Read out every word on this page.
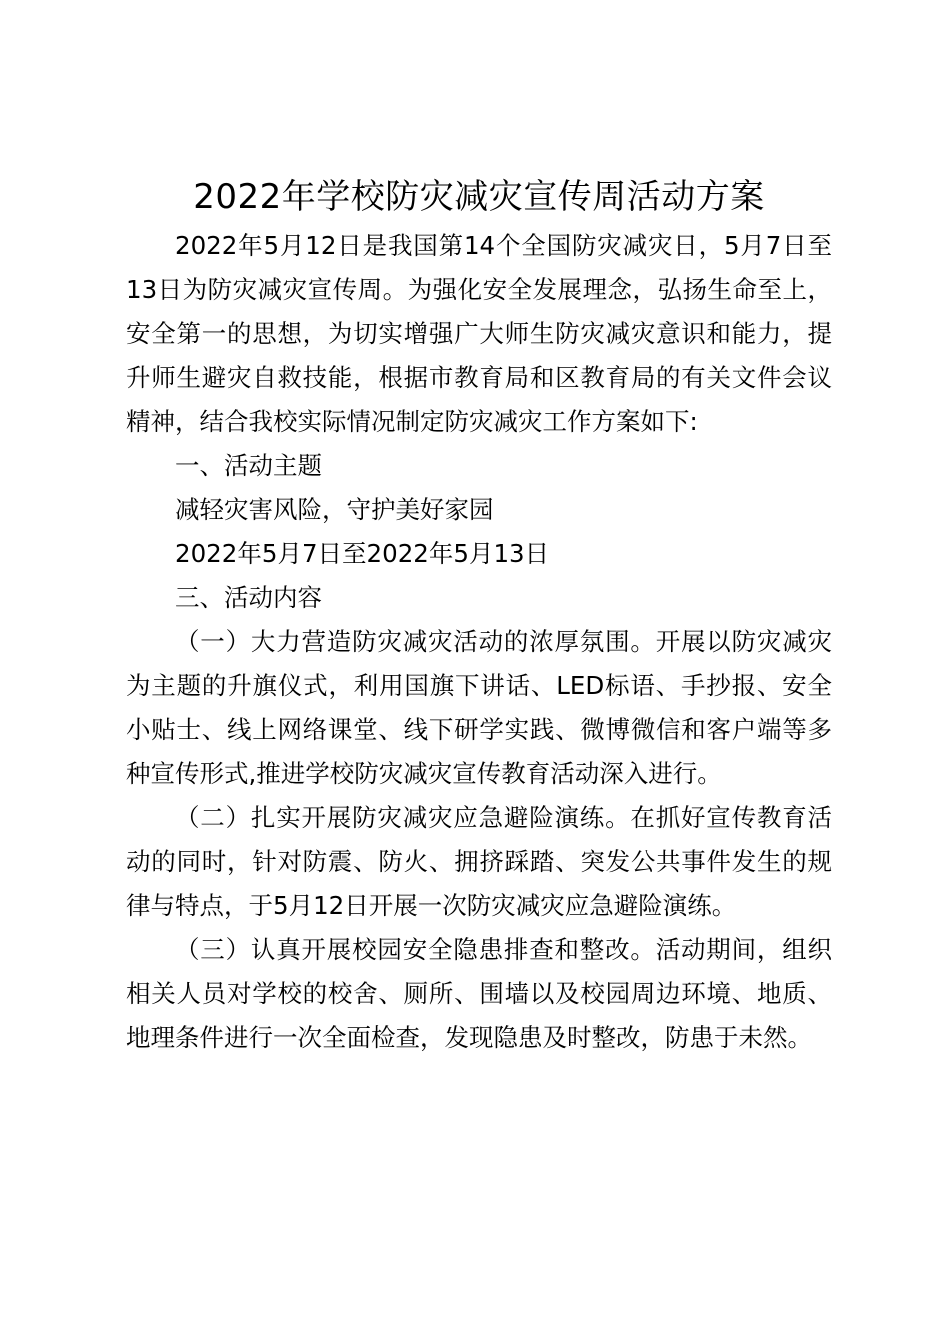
2022年学校防灾减灾宣传周活动方案

2022年5月12日是我国第14个全国防灾减灾日，5月7日至13日为防灾减灾宣传周。为强化安全发展理念，弘扬生命至上，安全第一的思想，为切实增强广大师生防灾减灾意识和能力，提升师生避灾自救技能，根据市教育局和区教育局的有关文件会议精神，结合我校实际情况制定防灾减灾工作方案如下:

一、活动主题

减轻灾害风险，守护美好家园

2022年5月7日至2022年5月13日

三、活动内容

（一）大力营造防灾减灾活动的浓厚氛围。开展以防灾减灾为主题的升旗仪式，利用国旗下讲话、LED标语、手抄报、安全小贴士、线上网络课堂、线下研学实践、微博微信和客户端等多种宣传形式,推进学校防灾减灾宣传教育活动深入进行。

（二）扎实开展防灾减灾应急避险演练。在抓好宣传教育活动的同时，针对防震、防火、拥挤踩踏、突发公共事件发生的规律与特点，于5月12日开展一次防灾减灾应急避险演练。

（三）认真开展校园安全隐患排查和整改。活动期间，组织相关人员对学校的校舍、厕所、围墙以及校园周边环境、地质、地理条件进行一次全面检查，发现隐患及时整改，防患于未然。
